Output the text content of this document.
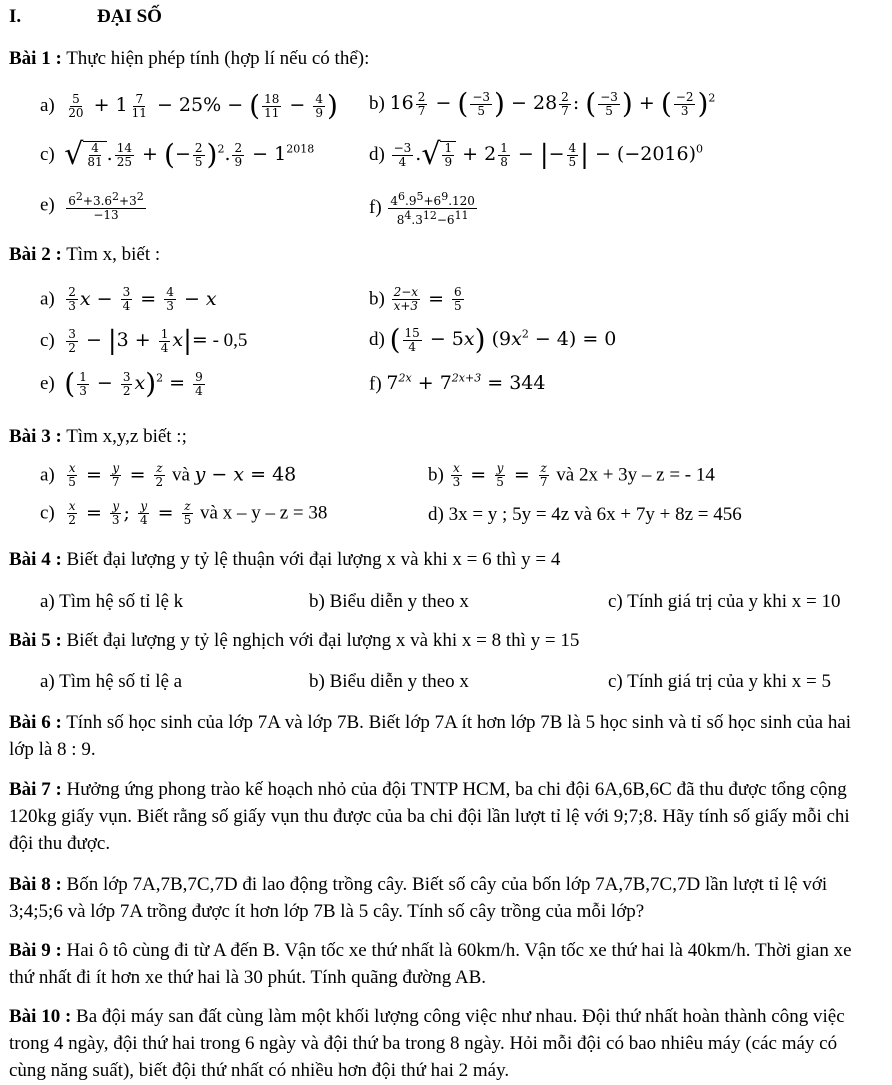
I.	ĐẠI SỐ
Bài 1 : Thực hiện phép tính (hợp lí nếu có thể):
$a) \frac{5}{20} + 1 \frac{7}{11} - 25\%$ − ( $\frac{18}{11} - \frac{4}{9}$ ) b) $16 \frac{2}{7}$ − ( $\frac{-3}{5}$ ) − $28 \frac{2}{7}$ : ( $\frac{-3}{5}$ ) + ( $\frac{-2}{3} )^2$
c) √ $\frac{4}{81}$ . $\frac{14}{25}$ + (− $\frac{2}{5} )^2$. $\frac{2}{9} - 1^{2018}$	$d) \frac{-3}{4}$ .√ $\frac{1}{9} + 2 \frac{1}{8}$ − |− $\frac{4}{5}$ | − $(-2016)^0$
$e) \frac{6^2+3.6^2+3^2}{-13}$	$f) \frac{4^6.9^5+6^9.120}{8^4.3^{12}-6^{11}}$
Bài 2 : Tìm x, biết :
$a) \frac{2}{3}$ $x - \frac{3}{4} = \frac{4}{3} - x$	$b) \frac{2-x}{x+3} = \frac{6}{5}$
$c) \frac{3}{2} - |3 + \frac{1}{4} x|= - 0,5$	d) ( $\frac{15}{4} - 5x$) $(9x^2 - 4) = 0$
e) ( $\frac{1}{3} - \frac{3}{2} x)^2 = \frac{9}{4}$	f) $7^{2x} + 7^{2x+3} = 344$
Bài 3 : Tìm x,y,z biết :;
$a) \frac{x}{5} = \frac{y}{7} = \frac{z}{2}$ và y − x = 48	$b) \frac{x}{3} = \frac{y}{5} = \frac{z}{7}$ và 2x + 3y – z = - 14
$c) \frac{x}{2} = \frac{y}{3}$ ; $\frac{y}{4} = \frac{z}{5}$ và x – y – z = 38	d) 3x = y ; 5y = 4z và 6x + 7y + 8z = 456
Bài 4 : Biết đại lượng y tỷ lệ thuận với đại lượng x và khi x = 6 thì y = 4
a) Tìm hệ số tỉ lệ k	b) Biểu diễn y theo x	c) Tính giá trị của y khi x = 10
Bài 5 : Biết đại lượng y tỷ lệ nghịch với đại lượng x và khi x = 8 thì y = 15
a) Tìm hệ số tỉ lệ a	b) Biểu diễn y theo x	c) Tính giá trị của y khi x = 5
Bài 6 : Tính số học sinh của lớp 7A và lớp 7B. Biết lớp 7A ít hơn lớp 7B là 5 học sinh và tỉ số học sinh của hai lớp là 8 : 9.
Bài 7 : Hưởng ứng phong trào kế hoạch nhỏ của đội TNTP HCM, ba chi đội 6A,6B,6C đã thu được tổng cộng 120kg giấy vụn. Biết rằng số giấy vụn thu được của ba chi đội lần lượt tỉ lệ với 9;7;8. Hãy tính số giấy mỗi chi đội thu được.
Bài 8 : Bốn lớp 7A,7B,7C,7D đi lao động trồng cây. Biết số cây của bốn lớp 7A,7B,7C,7D lần lượt tỉ lệ với 3;4;5;6 và lớp 7A trồng được ít hơn lớp 7B là 5 cây. Tính số cây trồng của mỗi lớp?
Bài 9 : Hai ô tô cùng đi từ A đến B. Vận tốc xe thứ nhất là 60km/h. Vận tốc xe thứ hai là 40km/h. Thời gian xe thứ nhất đi ít hơn xe thứ hai là 30 phút. Tính quãng đường AB.
Bài 10 : Ba đội máy san đất cùng làm một khối lượng công việc như nhau. Đội thứ nhất hoàn thành công việc trong 4 ngày, đội thứ hai trong 6 ngày và đội thứ ba trong 8 ngày. Hỏi mỗi đội có bao nhiêu máy (các máy có cùng năng suất), biết đội thứ nhất có nhiều hơn đội thứ hai 2 máy.
